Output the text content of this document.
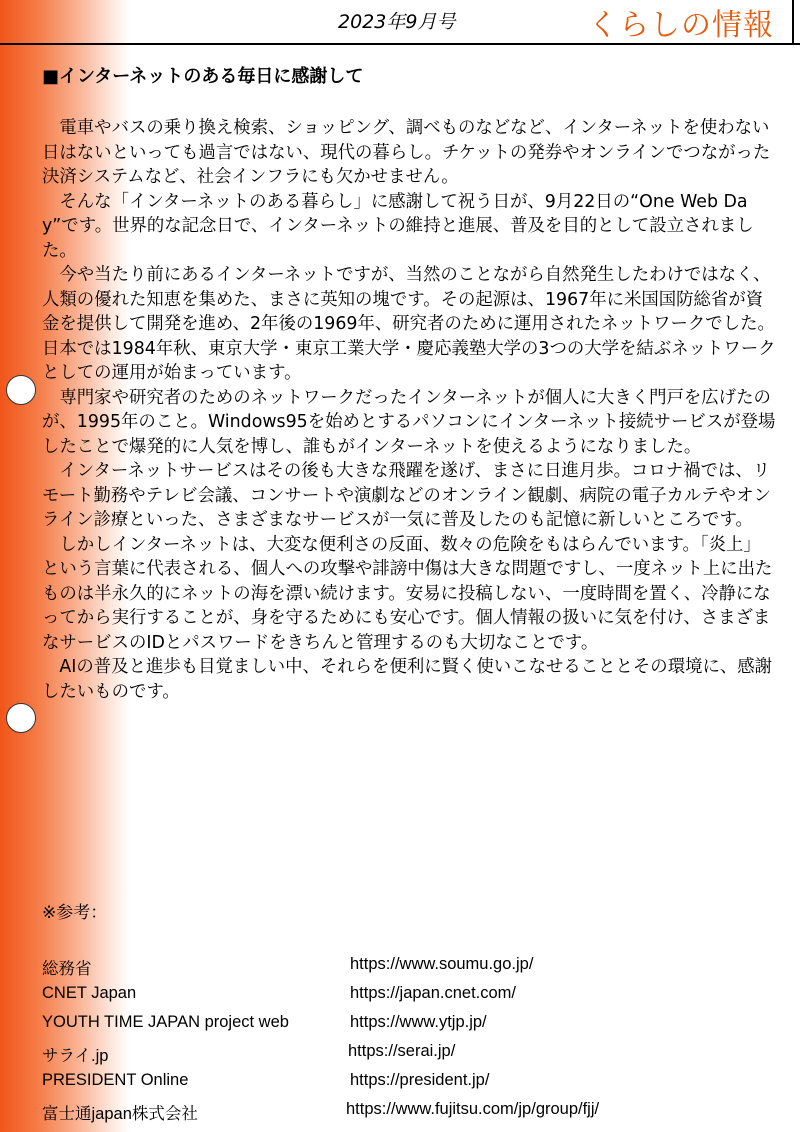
2023年9月号	くらしの情報
■インターネットのある毎日に感謝して

電車やバスの乗り換え検索、ショッピング、調べものなどなど、インターネットを使わない日はないといっても過言ではない、現代の暮らし。チケットの発券やオンラインでつながった決済システムなど、社会インフラにも欠かせません。

そんな「インターネットのある暮らし」に感謝して祝う日が、9月22日の“One Web Day”です。世界的な記念日で、インターネットの維持と進展、普及を目的として設立されました。

今や当たり前にあるインターネットですが、当然のことながら自然発生したわけではなく、人類の優れた知恵を集めた、まさに英知の塊です。その起源は、1967年に米国国防総省が資金を提供して開発を進め、2年後の1969年、研究者のために運用されたネットワークでした。日本では1984年秋、東京大学・東京工業大学・慶応義塾大学の3つの大学を結ぶネットワークとしての運用が始まっています。

専門家や研究者のためのネットワークだったインターネットが個人に大きく門戸を広げたのが、1995年のこと。Windows95を始めとするパソコンにインターネット接続サービスが登場したことで爆発的に人気を博し、誰もがインターネットを使えるようになりました。

インターネットサービスはその後も大きな飛躍を遂げ、まさに日進月歩。コロナ禍では、リモート勤務やテレビ会議、コンサートや演劇などのオンライン観劇、病院の電子カルテやオンライン診療といった、さまざまなサービスが一気に普及したのも記憶に新しいところです。

しかしインターネットは、大変な便利さの反面、数々の危険をもはらんでいます。「炎上」という言葉に代表される、個人への攻撃や誹謗中傷は大きな問題ですし、一度ネット上に出たものは半永久的にネットの海を漂い続けます。安易に投稿しない、一度時間を置く、冷静になってから実行することが、身を守るためにも安心です。個人情報の扱いに気を付け、さまざまなサービスのIDとパスワードをきちんと管理するのも大切なことです。

AIの普及と進歩も目覚ましい中、それらを便利に賢く使いこなせることとその環境に、感謝したいものです。

※参考：
総務省	https://www.soumu.go.jp/
CNET Japan	https://japan.cnet.com/
YOUTH TIME JAPAN project web	https://www.ytjp.jp/
サライ.jp	https://serai.jp/
PRESIDENT Online	https://president.jp/
富士通japan株式会社	https://www.fujitsu.com/jp/group/fjj/
